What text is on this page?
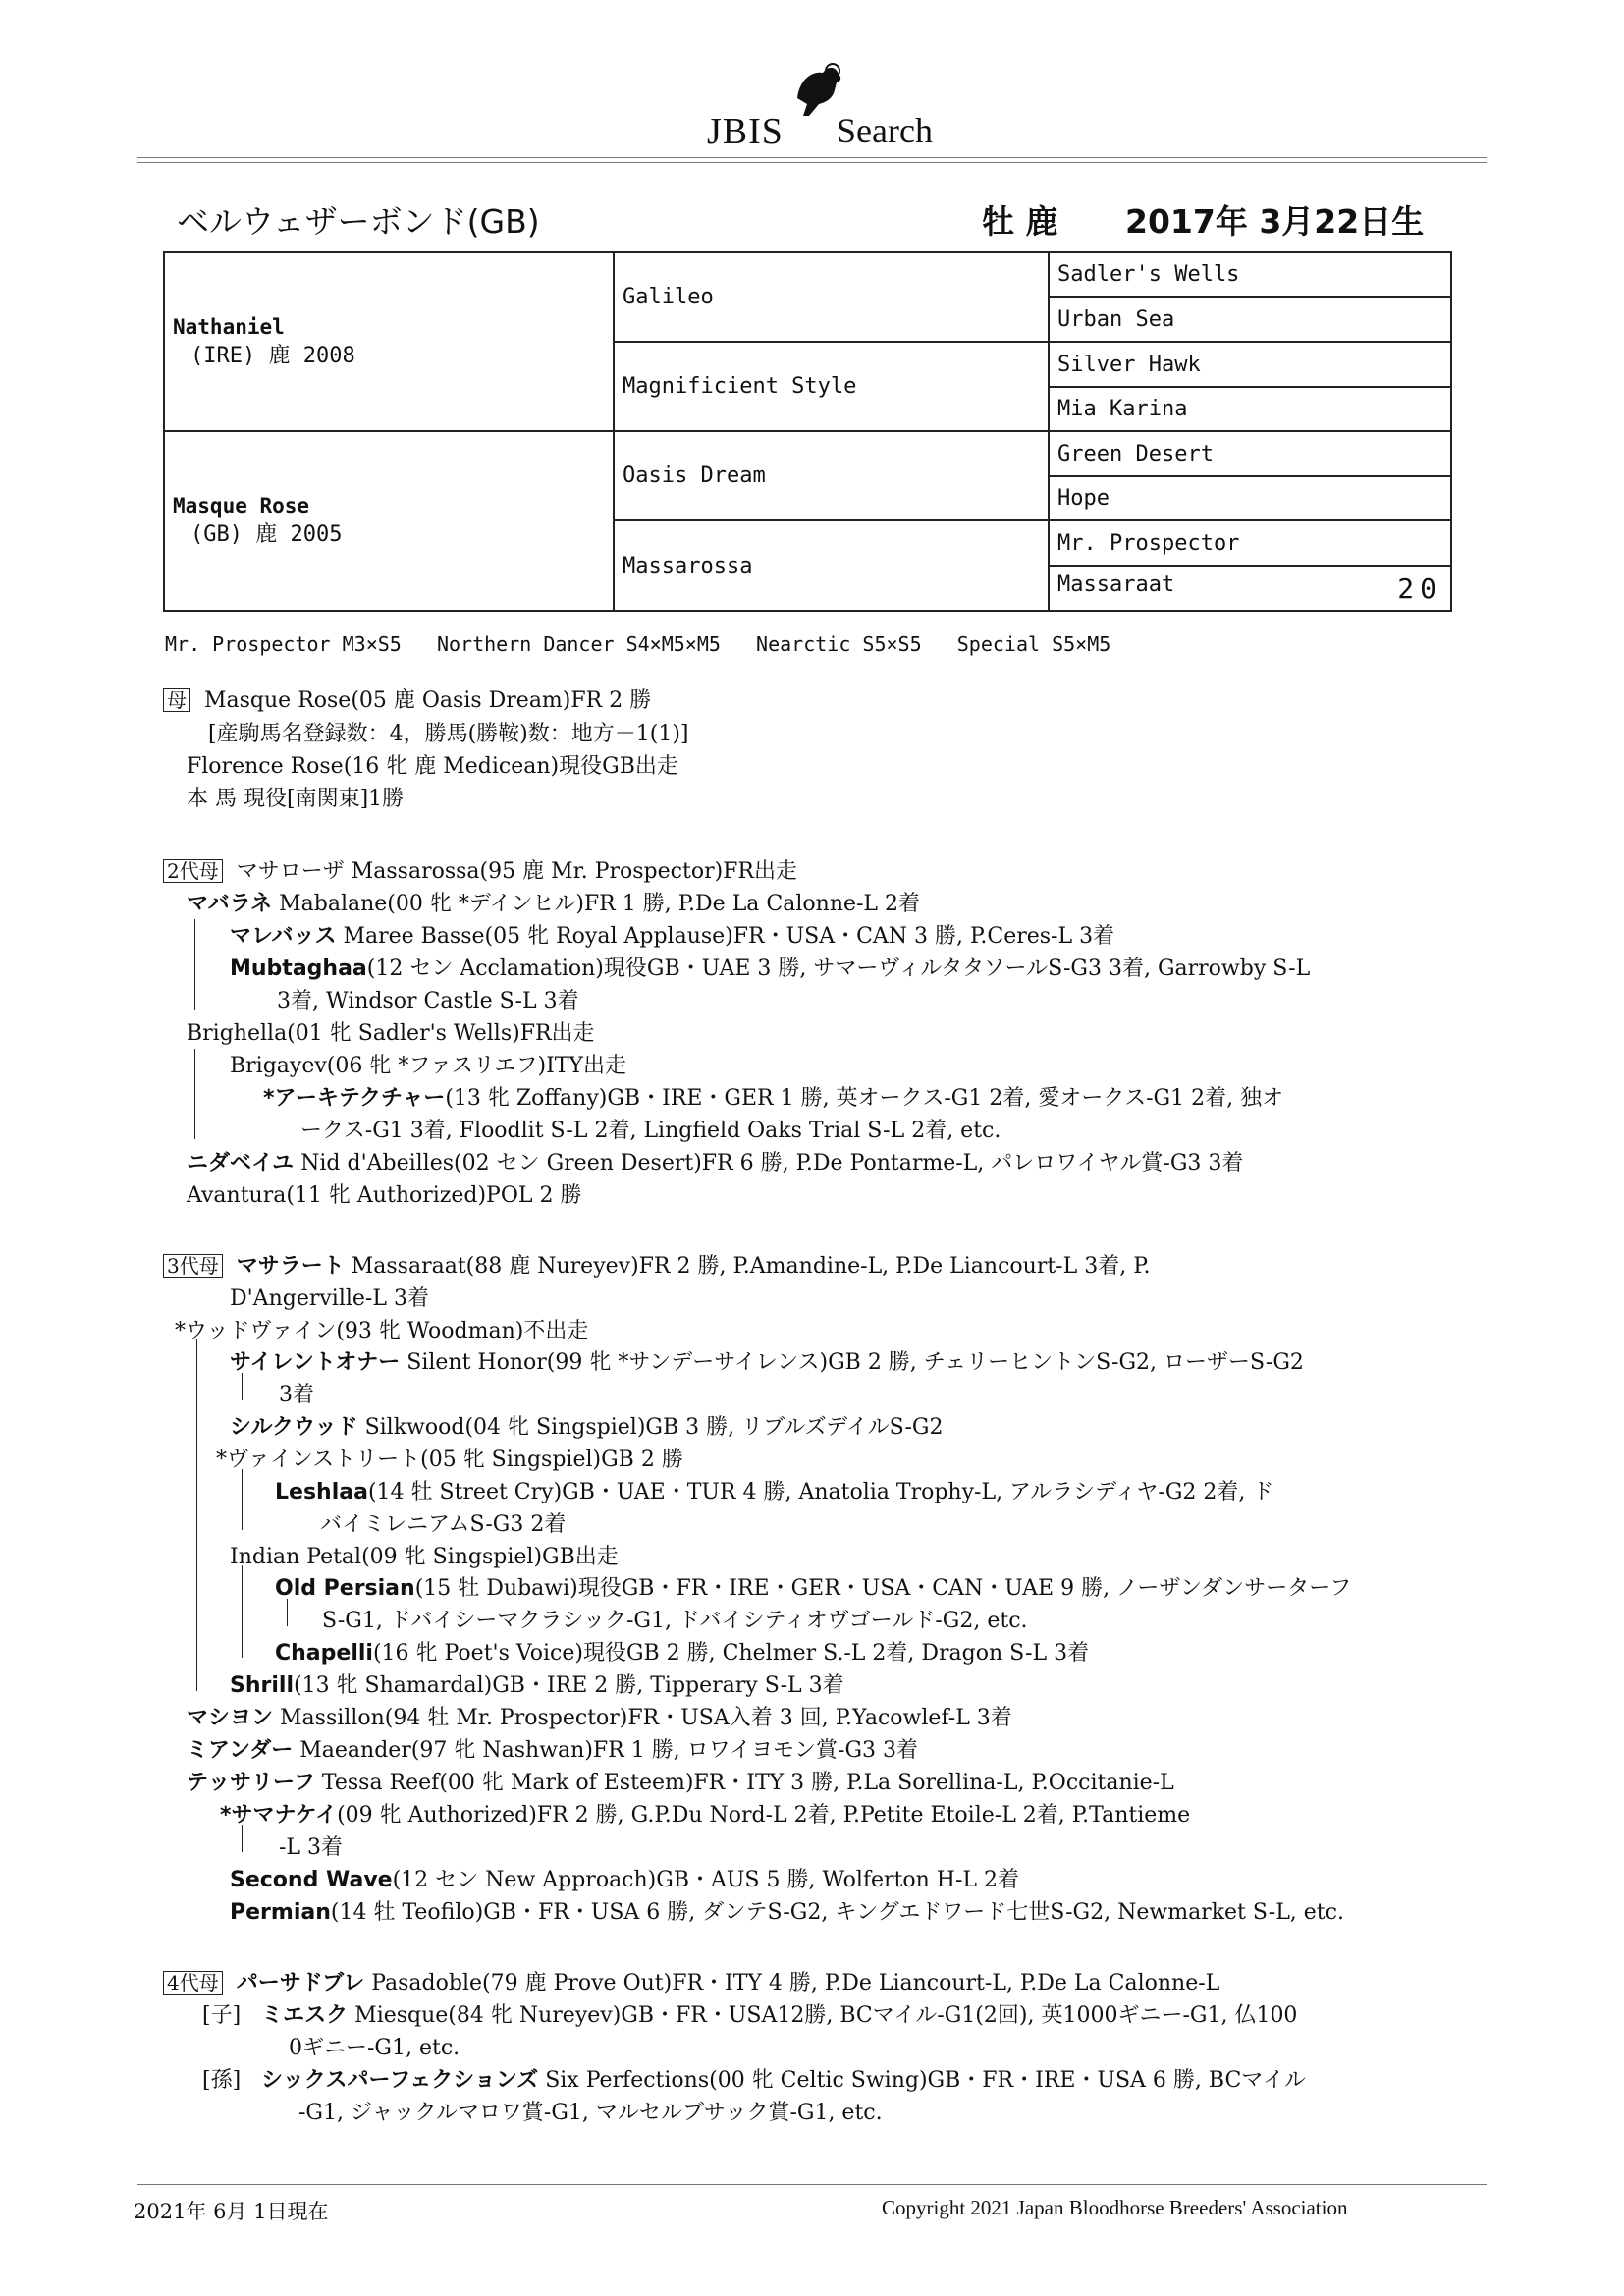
JBIS Search
ベルウェザーボンド(GB)	牡 鹿 2017年 3月22日生
Nathaniel
(IRE) 鹿 2008	Galileo	Sadler's Wells
		Urban Sea
	Magnificient Style	Silver Hawk
		Mia Karina

Masque Rose
(GB) 鹿 2005	Oasis Dream	Green Desert
		Hope
	Massarossa	Mr. Prospector
		Massaraat 20
Mr. Prospector M3×S5   Northern Dancer S4×M5×M5   Nearctic S5×S5   Special S5×M5
母 Masque Rose(05 鹿 Oasis Dream)FR 2 勝
[産駒馬名登録数：4，勝馬(勝鞍)数：地方－1(1)]
Florence Rose(16 牝 鹿 Medicean)現役GB出走
本 馬 現役[南関東]1勝
2代母 マサローザ Massarossa(95 鹿 Mr. Prospector)FR出走
マバラネ Mabalane(00 牝 *デインヒル)FR 1 勝, P.De La Calonne-L 2着
マレバッス Maree Basse(05 牝 Royal Applause)FR・USA・CAN 3 勝, P.Ceres-L 3着
Mubtaghaa(12 セン Acclamation)現役GB・UAE 3 勝, サマーヴィルタタソールS-G3 3着, Garrowby S-L
3着, Windsor Castle S-L 3着
Brighella(01 牝 Sadler's Wells)FR出走
Brigayev(06 牝 *ファスリエフ)ITY出走
*アーキテクチャー(13 牝 Zoffany)GB・IRE・GER 1 勝, 英オークス-G1 2着, 愛オークス-G1 2着, 独オ
ークス-G1 3着, Floodlit S-L 2着, Lingfield Oaks Trial S-L 2着, etc.
ニダベイユ Nid d'Abeilles(02 セン Green Desert)FR 6 勝, P.De Pontarme-L, パレロワイヤル賞-G3 3着
Avantura(11 牝 Authorized)POL 2 勝
3代母 マサラート Massaraat(88 鹿 Nureyev)FR 2 勝, P.Amandine-L, P.De Liancourt-L 3着, P.
D'Angerville-L 3着
*ウッドヴァイン(93 牝 Woodman)不出走
サイレントオナー Silent Honor(99 牝 *サンデーサイレンス)GB 2 勝, チェリーヒントンS-G2, ローザーS-G2
3着
シルクウッド Silkwood(04 牝 Singspiel)GB 3 勝, リブルズデイルS-G2
*ヴァインストリート(05 牝 Singspiel)GB 2 勝
Leshlaa(14 牡 Street Cry)GB・UAE・TUR 4 勝, Anatolia Trophy-L, アルラシディヤ-G2 2着, ド
バイミレニアムS-G3 2着
Indian Petal(09 牝 Singspiel)GB出走
Old Persian(15 牡 Dubawi)現役GB・FR・IRE・GER・USA・CAN・UAE 9 勝, ノーザンダンサーターフ
S-G1, ドバイシーマクラシック-G1, ドバイシティオヴゴールド-G2, etc.
Chapelli(16 牝 Poet's Voice)現役GB 2 勝, Chelmer S.-L 2着, Dragon S-L 3着
Shrill(13 牝 Shamardal)GB・IRE 2 勝, Tipperary S-L 3着
マシヨン Massillon(94 牡 Mr. Prospector)FR・USA入着 3 回, P.Yacowlef-L 3着
ミアンダー Maeander(97 牝 Nashwan)FR 1 勝, ロワイヨモン賞-G3 3着
テッサリーフ Tessa Reef(00 牝 Mark of Esteem)FR・ITY 3 勝, P.La Sorellina-L, P.Occitanie-L
*サマナケイ(09 牝 Authorized)FR 2 勝, G.P.Du Nord-L 2着, P.Petite Etoile-L 2着, P.Tantieme
-L 3着
Second Wave(12 セン New Approach)GB・AUS 5 勝, Wolferton H-L 2着
Permian(14 牡 Teofilo)GB・FR・USA 6 勝, ダンテS-G2, キングエドワード七世S-G2, Newmarket S-L, etc.
4代母 パーサドブレ Pasadoble(79 鹿 Prove Out)FR・ITY 4 勝, P.De Liancourt-L, P.De La Calonne-L
[子] ミエスク Miesque(84 牝 Nureyev)GB・FR・USA12勝, BCマイル-G1(2回), 英1000ギニー-G1, 仏100
0ギニー-G1, etc.
[孫] シックスパーフェクションズ Six Perfections(00 牝 Celtic Swing)GB・FR・IRE・USA 6 勝, BCマイル
-G1, ジャックルマロワ賞-G1, マルセルブサック賞-G1, etc.
2021年 6月 1日現在	Copyright 2021 Japan Bloodhorse Breeders' Association
